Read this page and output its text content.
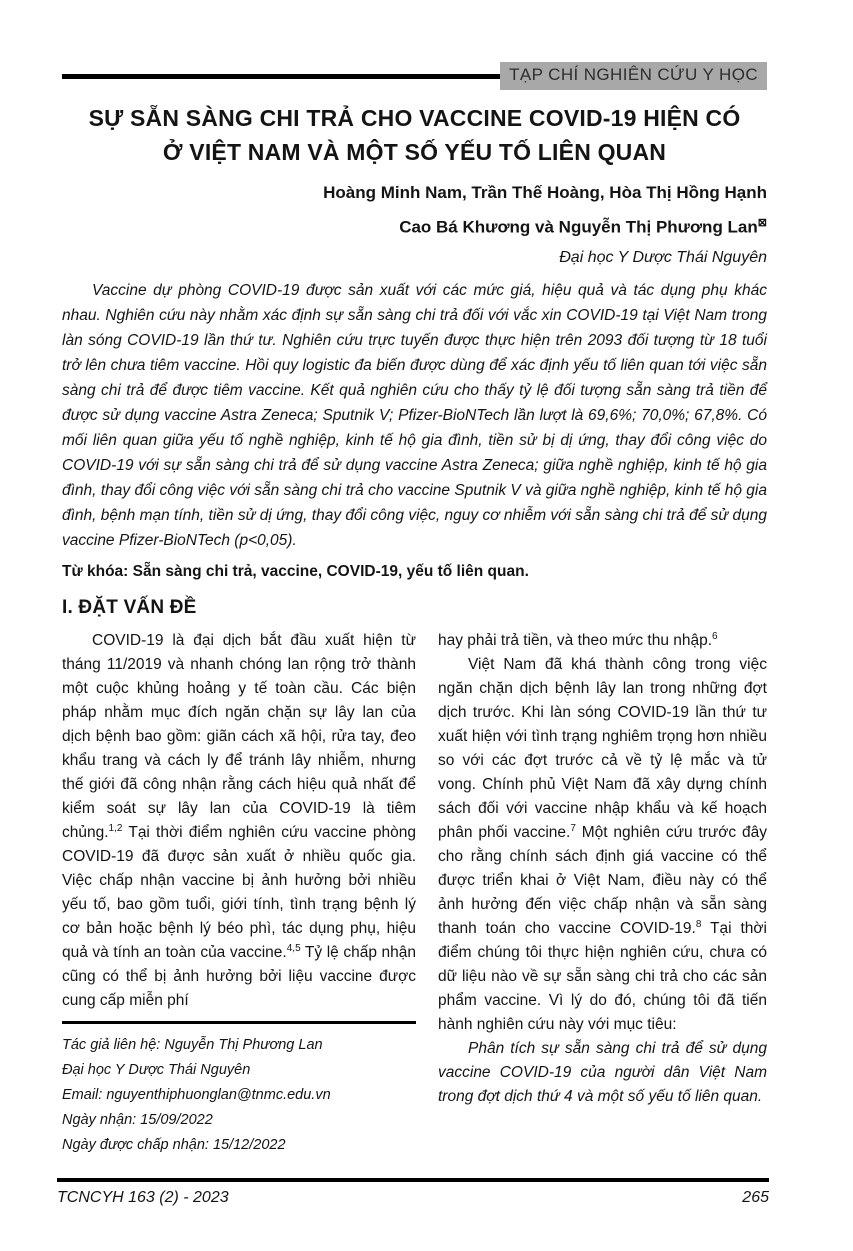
TẠP CHÍ NGHIÊN CỨU Y HỌC
SỰ SẴN SÀNG CHI TRẢ CHO VACCINE COVID-19 HIỆN CÓ
Ở VIỆT NAM VÀ MỘT SỐ YẾU TỐ LIÊN QUAN
Hoàng Minh Nam, Trần Thế Hoàng, Hòa Thị Hồng Hạnh
Cao Bá Khương và Nguyễn Thị Phương Lan⊠
Đại học Y Dược Thái Nguyên
Vaccine dự phòng COVID-19 được sản xuất với các mức giá, hiệu quả và tác dụng phụ khác nhau. Nghiên cứu này nhằm xác định sự sẵn sàng chi trả đối với vắc xin COVID-19 tại Việt Nam trong làn sóng COVID-19 lần thứ tư. Nghiên cứu trực tuyến được thực hiện trên 2093 đối tượng từ 18 tuổi trở lên chưa tiêm vaccine. Hồi quy logistic đa biến được dùng để xác định yếu tố liên quan tới việc sẵn sàng chi trả để được tiêm vaccine. Kết quả nghiên cứu cho thấy tỷ lệ đối tượng sẵn sàng trả tiền để được sử dụng vaccine Astra Zeneca; Sputnik V; Pfizer-BioNTech lần lượt là 69,6%; 70,0%; 67,8%. Có mối liên quan giữa yếu tố nghề nghiệp, kinh tế hộ gia đình, tiền sử bị dị ứng, thay đổi công việc do COVID-19 với sự sẵn sàng chi trả để sử dụng vaccine Astra Zeneca; giữa nghề nghiệp, kinh tế hộ gia đình, thay đổi công việc với sẵn sàng chi trả cho vaccine Sputnik V và giữa nghề nghiệp, kinh tế hộ gia đình, bệnh mạn tính, tiền sử dị ứng, thay đổi công việc, nguy cơ nhiễm với sẵn sàng chi trả để sử dụng vaccine Pfizer-BioNTech (p<0,05).
Từ khóa: Sẵn sàng chi trả, vaccine, COVID-19, yếu tố liên quan.
I. ĐẶT VẤN ĐỀ

COVID-19 là đại dịch bắt đầu xuất hiện từ tháng 11/2019 và nhanh chóng lan rộng trở thành một cuộc khủng hoảng y tế toàn cầu. Các biện pháp nhằm mục đích ngăn chặn sự lây lan của dịch bệnh bao gồm: giãn cách xã hội, rửa tay, đeo khẩu trang và cách ly để tránh lây nhiễm, nhưng thế giới đã công nhận rằng cách hiệu quả nhất để kiểm soát sự lây lan của COVID-19 là tiêm chủng.$^{1,2}$ Tại thời điểm nghiên cứu vaccine phòng COVID-19 đã được sản xuất ở nhiều quốc gia. Việc chấp nhận vaccine bị ảnh hưởng bởi nhiều yếu tố, bao gồm tuổi, giới tính, tình trạng bệnh lý cơ bản hoặc bệnh lý béo phì, tác dụng phụ, hiệu quả và tính an toàn của vaccine.$^{4,5}$ Tỷ lệ chấp nhận cũng có thể bị ảnh hưởng bởi liệu vaccine được cung cấp miễn phí

Tác giả liên hệ: Nguyễn Thị Phương Lan
Đại học Y Dược Thái Nguyên
Email: nguyenthiphuonglan@tnmc.edu.vn
Ngày nhận: 15/09/2022
Ngày được chấp nhận: 15/12/2022

hay phải trả tiền, và theo mức thu nhập.$^6$

Việt Nam đã khá thành công trong việc ngăn chặn dịch bệnh lây lan trong những đợt dịch trước. Khi làn sóng COVID-19 lần thứ tư xuất hiện với tình trạng nghiêm trọng hơn nhiều so với các đợt trước cả về tỷ lệ mắc và tử vong. Chính phủ Việt Nam đã xây dựng chính sách đối với vaccine nhập khẩu và kế hoạch phân phối vaccine.$^7$ Một nghiên cứu trước đây cho rằng chính sách định giá vaccine có thể được triển khai ở Việt Nam, điều này có thể ảnh hưởng đến việc chấp nhận và sẵn sàng thanh toán cho vaccine COVID-19.$^8$ Tại thời điểm chúng tôi thực hiện nghiên cứu, chưa có dữ liệu nào về sự sẵn sàng chi trả cho các sản phẩm vaccine. Vì lý do đó, chúng tôi đã tiến hành nghiên cứu này với mục tiêu:

Phân tích sự sẵn sàng chi trả để sử dụng vaccine COVID-19 của người dân Việt Nam trong đợt dịch thứ 4 và một số yếu tố liên quan.

TCNCYH 163 (2) - 2023	265
